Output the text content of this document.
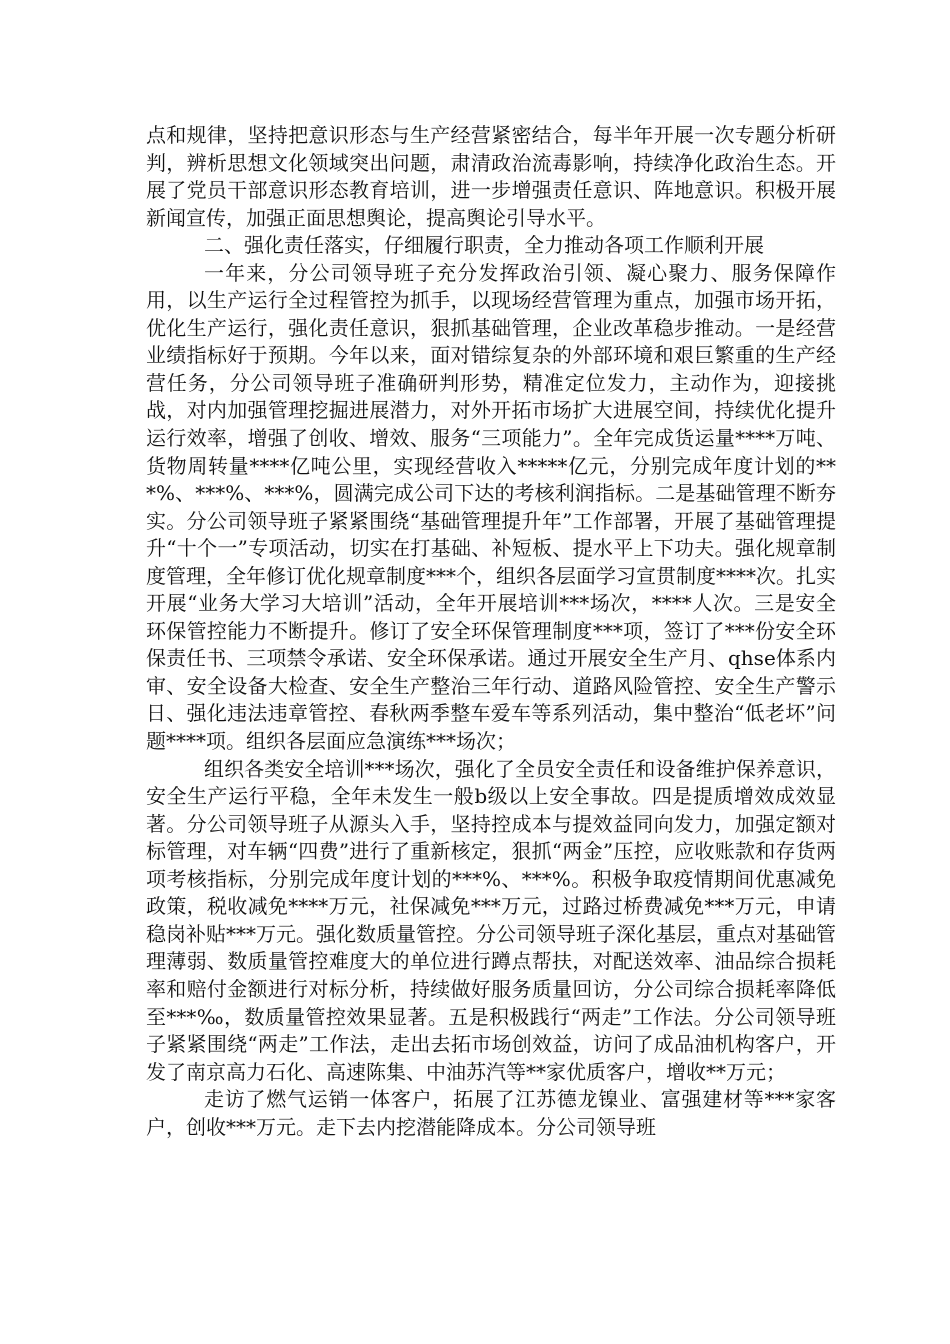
点和规律，坚持把意识形态与生产经营紧密结合，每半年开展一次专题分析研判，辨析思想文化领域突出问题，肃清政治流毒影响，持续净化政治生态。开展了党员干部意识形态教育培训，进一步增强责任意识、阵地意识。积极开展新闻宣传，加强正面思想舆论，提高舆论引导水平。

二、强化责任落实，仔细履行职责，全力推动各项工作顺利开展

一年来，分公司领导班子充分发挥政治引领、凝心聚力、服务保障作用，以生产运行全过程管控为抓手，以现场经营管理为重点，加强市场开拓，优化生产运行，强化责任意识，狠抓基础管理，企业改革稳步推动。一是经营业绩指标好于预期。今年以来，面对错综复杂的外部环境和艰巨繁重的生产经营任务，分公司领导班子准确研判形势，精准定位发力，主动作为，迎接挑战，对内加强管理挖掘进展潜力，对外开拓市场扩大进展空间，持续优化提升运行效率，增强了创收、增效、服务“三项能力”。全年完成货运量****万吨、货物周转量****亿吨公里，实现经营收入*****亿元，分别完成年度计划的***%、***%、***%，圆满完成公司下达的考核利润指标。二是基础管理不断夯实。分公司领导班子紧紧围绕“基础管理提升年”工作部署，开展了基础管理提升“十个一”专项活动，切实在打基础、补短板、提水平上下功夫。强化规章制度管理，全年修订优化规章制度***个，组织各层面学习宣贯制度****次。扎实开展“业务大学习大培训”活动，全年开展培训***场次，****人次。三是安全环保管控能力不断提升。修订了安全环保管理制度***项，签订了***份安全环保责任书、三项禁令承诺、安全环保承诺。通过开展安全生产月、qhse体系内审、安全设备大检查、安全生产整治三年行动、道路风险管控、安全生产警示日、强化违法违章管控、春秋两季整车爱车等系列活动，集中整治“低老坏”问题****项。组织各层面应急演练***场次；

组织各类安全培训***场次，强化了全员安全责任和设备维护保养意识，安全生产运行平稳，全年未发生一般b级以上安全事故。四是提质增效成效显著。分公司领导班子从源头入手，坚持控成本与提效益同向发力，加强定额对标管理，对车辆“四费”进行了重新核定，狠抓“两金”压控，应收账款和存货两项考核指标，分别完成年度计划的***%、***%。积极争取疫情期间优惠减免政策，税收减免****万元，社保减免***万元，过路过桥费减免***万元，申请稳岗补贴***万元。强化数质量管控。分公司领导班子深化基层，重点对基础管理薄弱、数质量管控难度大的单位进行蹲点帮扶，对配送效率、油品综合损耗率和赔付金额进行对标分析，持续做好服务质量回访，分公司综合损耗率降低至***‰，数质量管控效果显著。五是积极践行“两走”工作法。分公司领导班子紧紧围绕“两走”工作法，走出去拓市场创效益，访问了成品油机构客户，开发了南京高力石化、高速陈集、中油苏汽等**家优质客户，增收**万元；

走访了燃气运销一体客户，拓展了江苏德龙镍业、富强建材等***家客户，创收***万元。走下去内挖潜能降成本。分公司领导班
